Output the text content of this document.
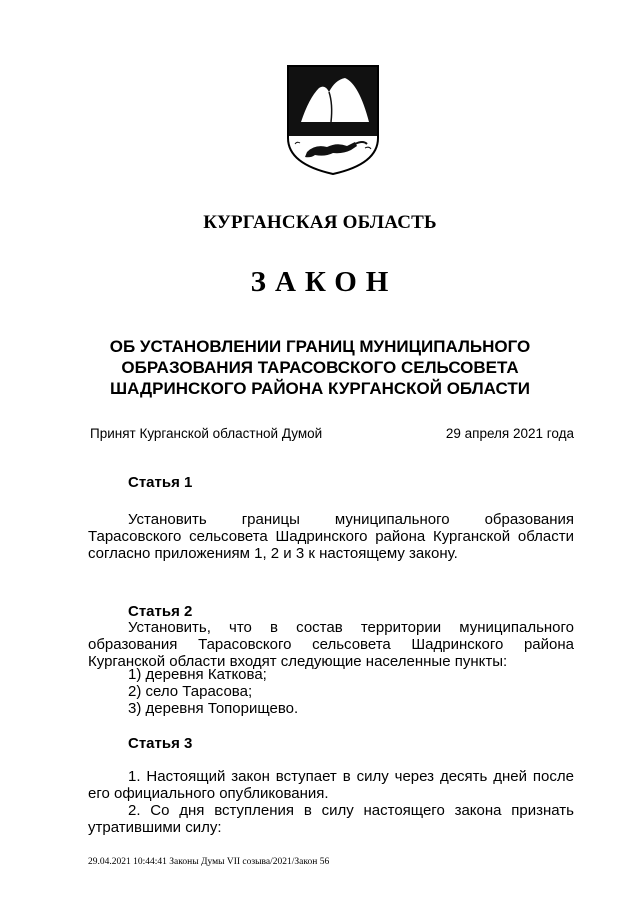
КУРГАНСКАЯ ОБЛАСТЬ
ЗАКОН
ОБ УСТАНОВЛЕНИИ ГРАНИЦ МУНИЦИПАЛЬНОГО
ОБРАЗОВАНИЯ ТАРАСОВСКОГО СЕЛЬСОВЕТА
ШАДРИНСКОГО РАЙОНА КУРГАНСКОЙ ОБЛАСТИ
Принят Курганской областной Думой	29 апреля 2021 года
Статья 1
Установить границы муниципального образования
Тарасовского сельсовета Шадринского района Курганской области
согласно приложениям 1, 2 и 3 к настоящему закону.
Статья 2
Установить, что в состав территории муниципального
образования Тарасовского сельсовета Шадринского района
Курганской области входят следующие населенные пункты:
1) деревня Каткова;
2) село Тарасова;
3) деревня Топорищево.
Статья 3
1. Настоящий закон вступает в силу через десять дней после
его официального опубликования.
2. Со дня вступления в силу настоящего закона признать
утратившими силу:
29.04.2021 10:44:41 Законы Думы VII созыва/2021/Закон 56
